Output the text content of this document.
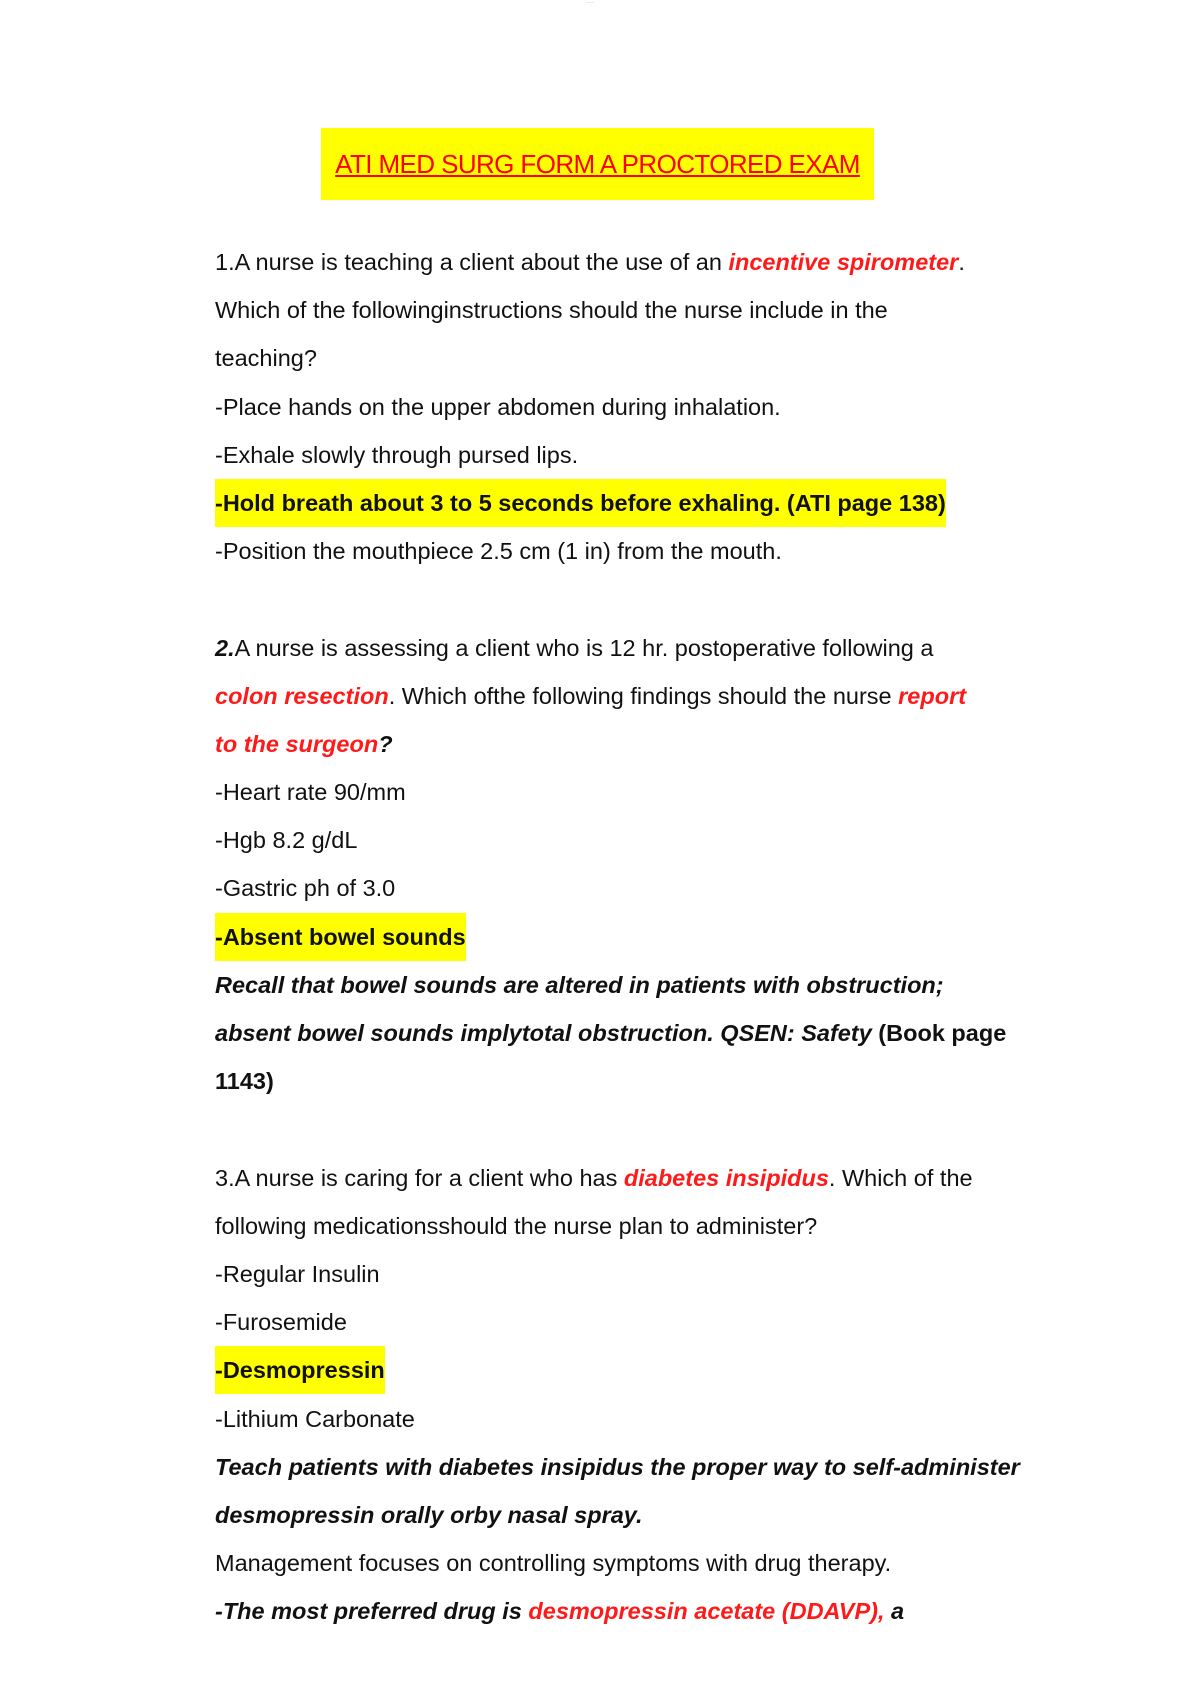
----
ATI MED SURG FORM A PROCTORED EXAM
1.A nurse is teaching a client about the use of an incentive spirometer.
Which of the followinginstructions should the nurse include in the
teaching?
-Place hands on the upper abdomen during inhalation.
-Exhale slowly through pursed lips.
-Hold breath about 3 to 5 seconds before exhaling. (ATI page 138)
-Position the mouthpiece 2.5 cm (1 in) from the mouth.
2.A nurse is assessing a client who is 12 hr. postoperative following a
colon resection. Which ofthe following findings should the nurse report
to the surgeon?
-Heart rate 90/mm
-Hgb 8.2 g/dL
-Gastric ph of 3.0
-Absent bowel sounds
Recall that bowel sounds are altered in patients with obstruction;
absent bowel sounds implytotal obstruction. QSEN: Safety (Book page
1143)
3.A nurse is caring for a client who has diabetes insipidus. Which of the
following medicationsshould the nurse plan to administer?
-Regular Insulin
-Furosemide
-Desmopressin
-Lithium Carbonate
Teach patients with diabetes insipidus the proper way to self-administer
desmopressin orally orby nasal spray.
Management focuses on controlling symptoms with drug therapy.
-The most preferred drug is desmopressin acetate (DDAVP), a
